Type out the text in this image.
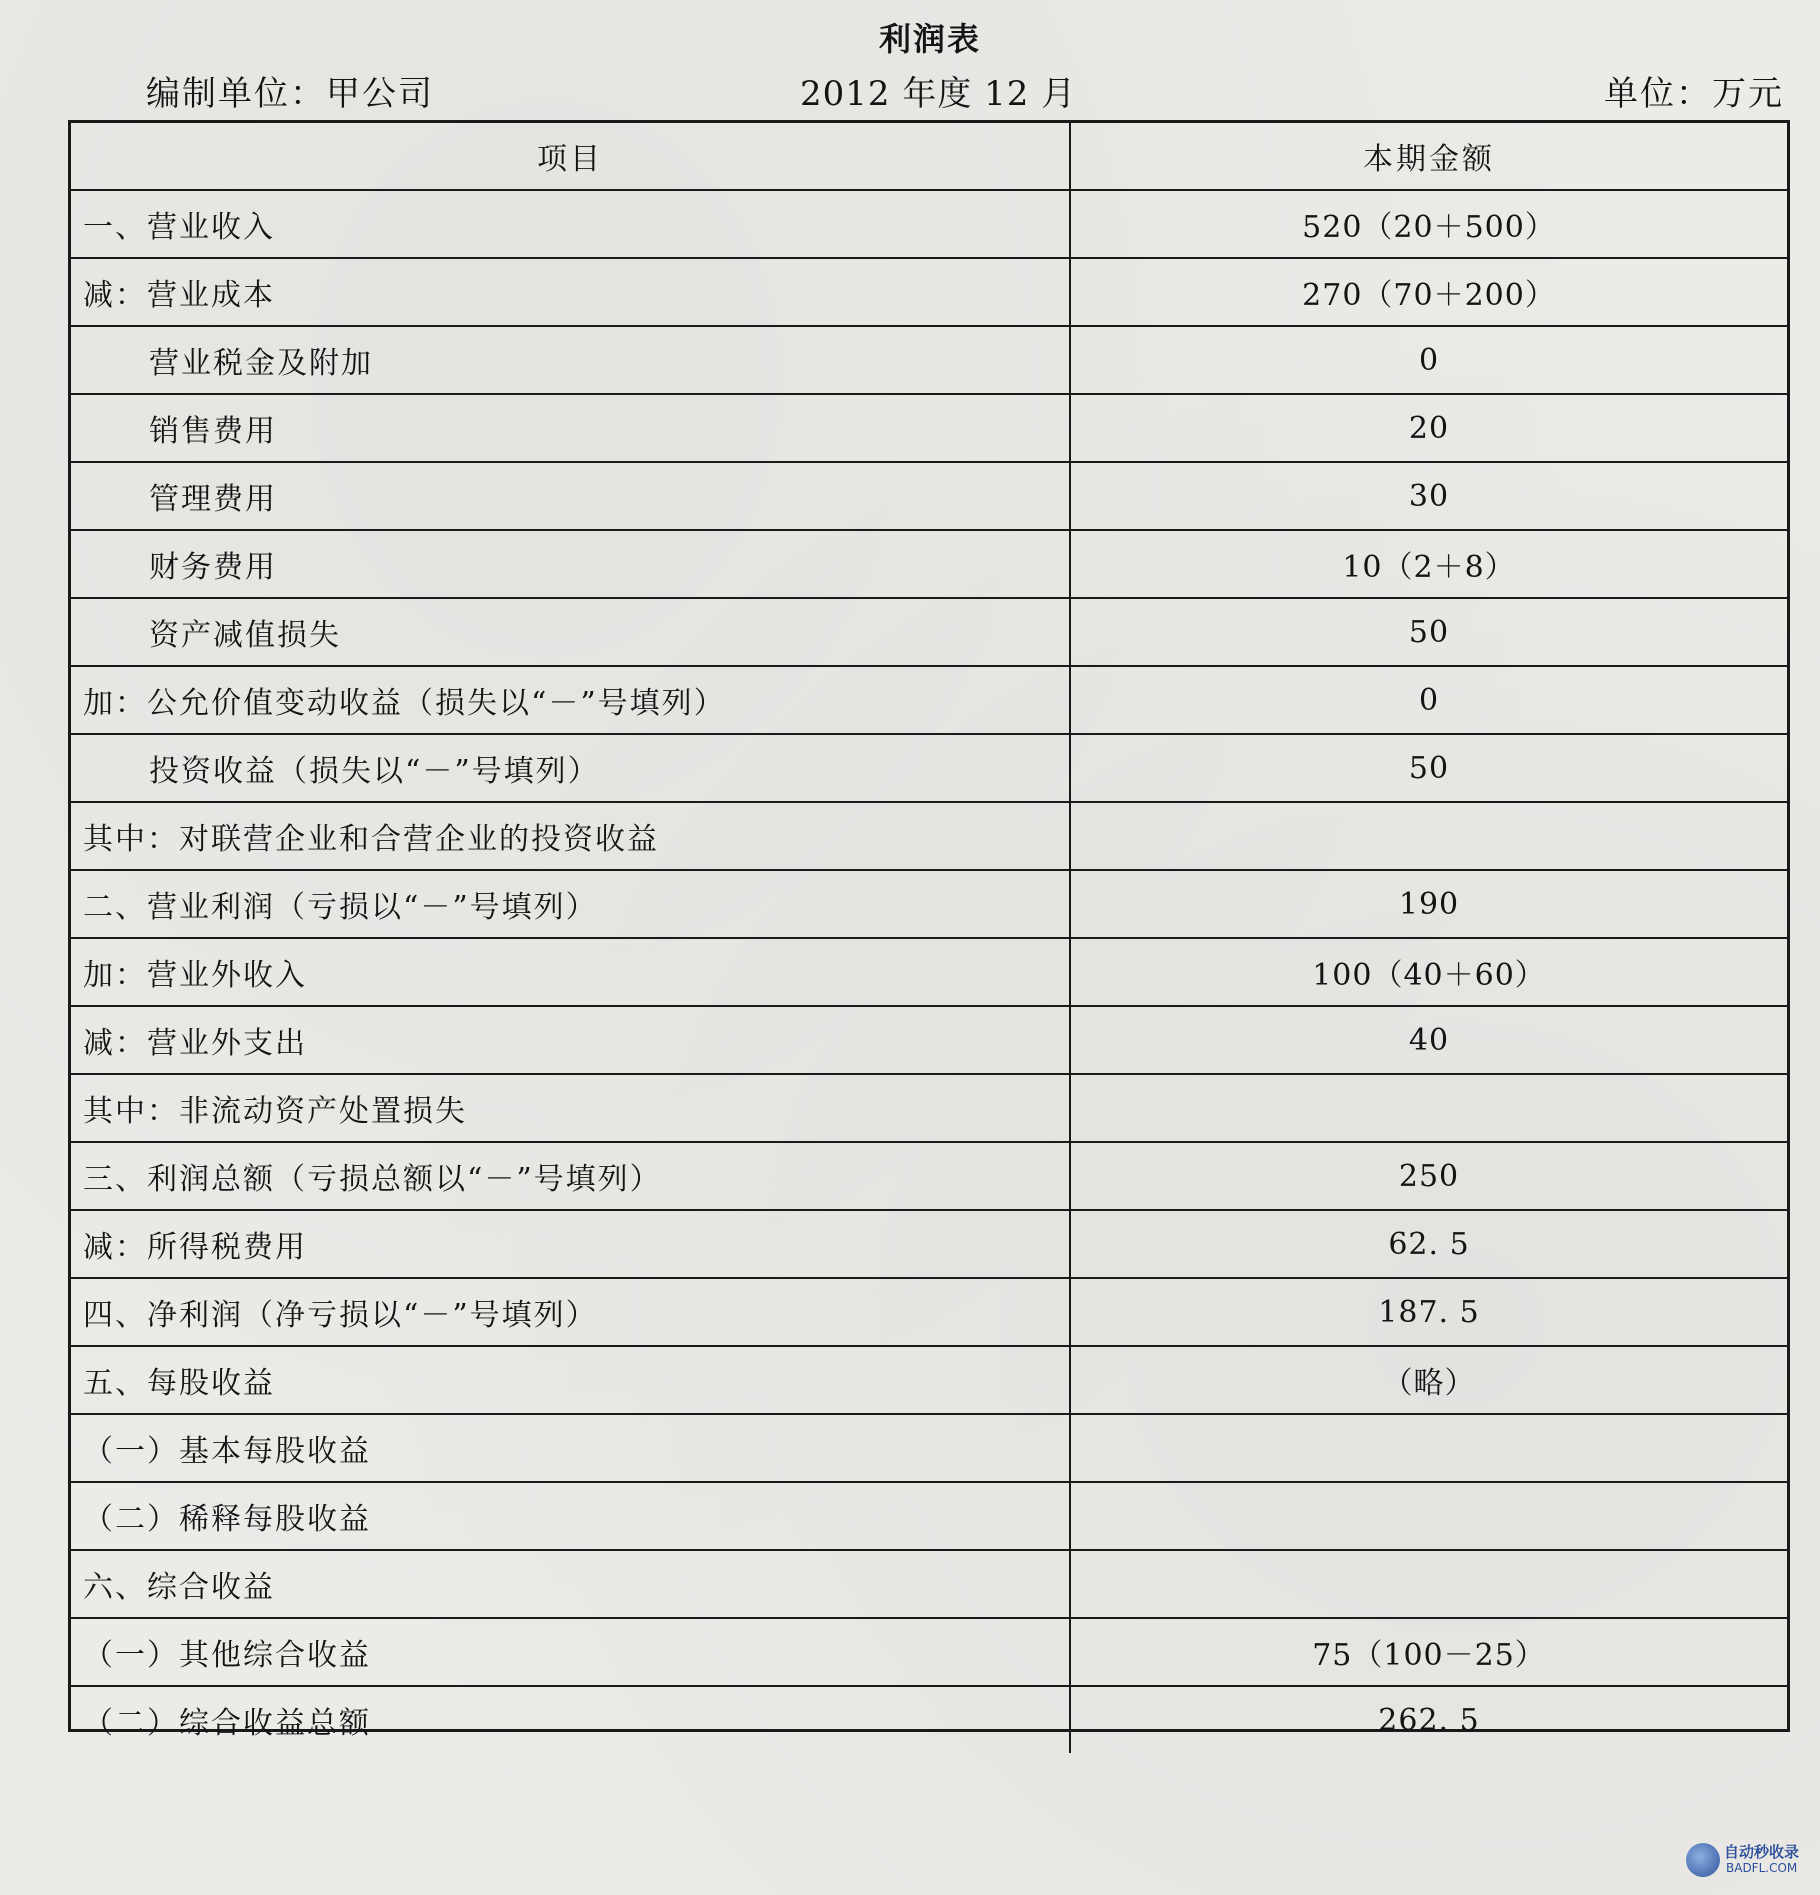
利润表
编制单位：甲公司	2012 年度 12 月	单位：万元
项目	本期金额
一、营业收入	520（20＋500）
减：营业成本	270（70＋200）
营业税金及附加	0
销售费用	20
管理费用	30
财务费用	10（2＋8）
资产减值损失	50
加：公允价值变动收益（损失以“－”号填列）	0
投资收益（损失以“－”号填列）	50
其中：对联营企业和合营企业的投资收益	
二、营业利润（亏损以“－”号填列）	190
加：营业外收入	100（40＋60）
减：营业外支出	40
其中：非流动资产处置损失	
三、利润总额（亏损总额以“－”号填列）	250
减：所得税费用	62. 5
四、净利润（净亏损以“－”号填列）	187. 5
五、每股收益	（略）
（一）基本每股收益	
（二）稀释每股收益	
六、综合收益	
（一）其他综合收益	75（100－25）
（二）综合收益总额	262. 5
自动秒收录
BADFL.COM
